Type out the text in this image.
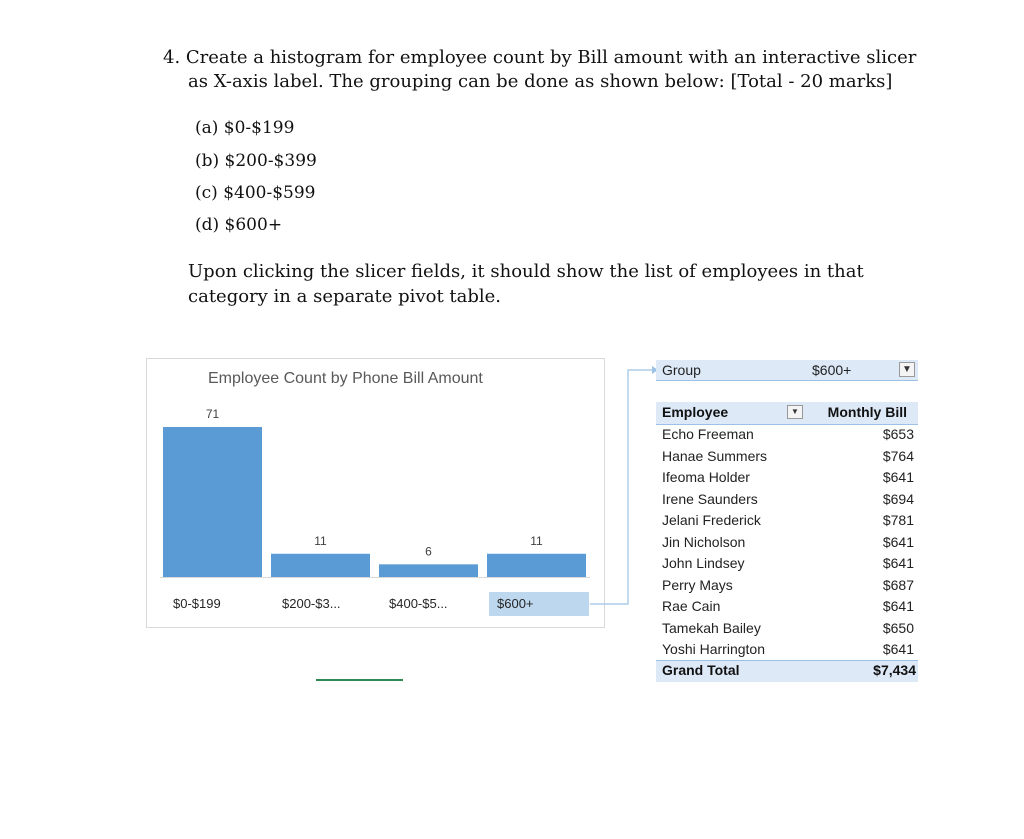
4. Create a histogram for employee count by Bill amount with an interactive slicer
as X-axis label. The grouping can be done as shown below: [Total - 20 marks]
(a) $0-$199
(b) $200-$399
(c) $400-$599
(d) $600+
Upon clicking the slicer fields, it should show the list of employees in that
category in a separate pivot table.
Employee Count by Phone Bill Amount
71
11
6
11
$0-$199	$200-$3...	$400-$5...	$600+
Group	$600+	▼
Employee	▼ Monthly Bill
Echo Freeman	$653
Hanae Summers	$764
Ifeoma Holder	$641
Irene Saunders	$694
Jelani Frederick	$781
Jin Nicholson	$641
John Lindsey	$641
Perry Mays	$687
Rae Cain	$641
Tamekah Bailey	$650
Yoshi Harrington	$641
Grand Total	$7,434
